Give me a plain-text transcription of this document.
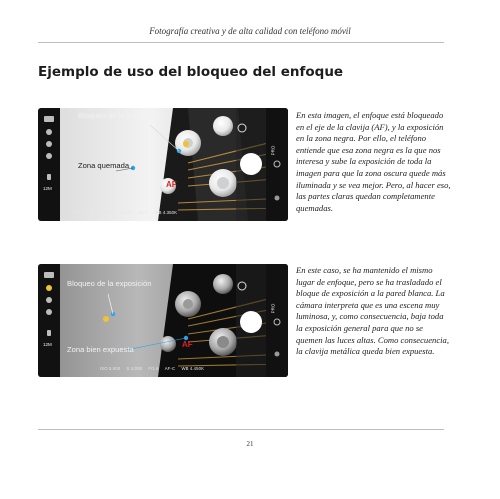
Fotografía creativa y de alta calidad con teléfono móvil
Ejemplo de uso del bloqueo del enfoque
Bloqueo de la exposición
Zona quemada
AF
ISO 6.000 S 1/200 F/1.6 AF-C WB 4.350K
12M
PRO

En esta imagen, el enfoque está bloqueado en el eje de la clavija (AF), y la exposición en la zona negra. Por ello, el teléfono entiende que esa zona negra es la que nos interesa y sube la exposición de toda la imagen para que la zona oscura quede más iluminada y se vea mejor. Pero, al hacer eso, las partes claras quedan completamente quemadas.

Bloqueo de la exposición
Zona bien expuesta
AF
ISO 5.900 S 1/200 F/1.6 AF-C WB 4.450K
12M
PRO

En este caso, se ha mantenido el mismo lugar de enfoque, pero se ha trasladado el bloque de exposición a la pared blanca. La cámara interpreta que es una escena muy luminosa, y, como consecuencia, baja toda la exposición general para que no se quemen las luces altas. Como consecuencia, la clavija metálica queda bien expuesta.

21
